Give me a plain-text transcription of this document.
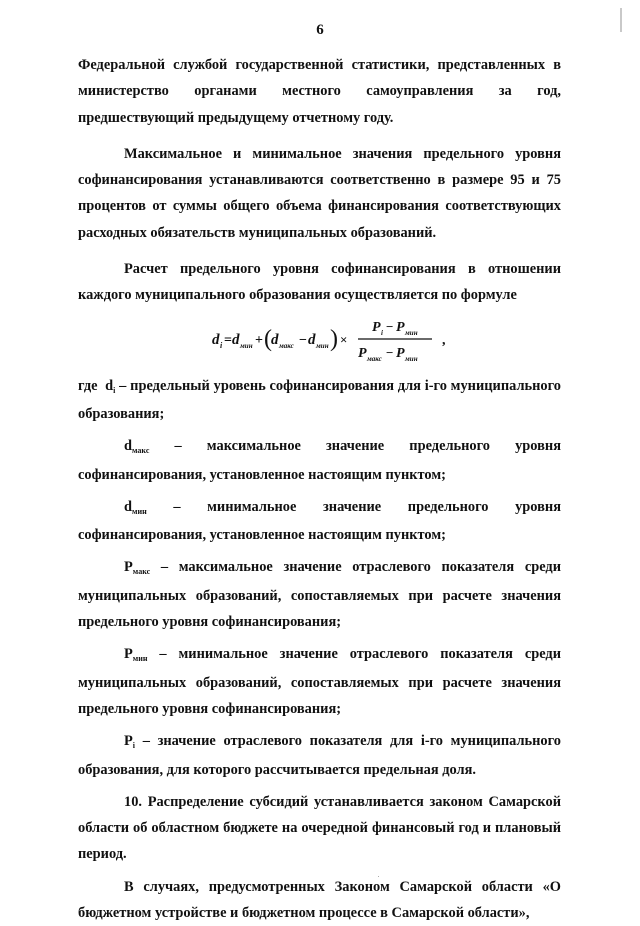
6

Федеральной службой государственной статистики, представленных в министерство органами местного самоуправления за год, предшествующий предыдущему отчетному году.

Максимальное и минимальное значения предельного уровня софинансирования устанавливаются соответственно в размере 95 и 75 процентов от суммы общего объема финансирования соответствующих расходных обязательств муниципальных образований.

Расчет предельного уровня софинансирования в отношении каждого муниципального образования осуществляется по формуле

d i = d мин + ( d макс − d мин ) ×
P i − P мин
P макс − P мин
,

где $d_i$ – предельный уровень софинансирования для i-го муниципального образования;

$d_{макс}$ – максимальное значение предельного уровня софинансирования, установленное настоящим пунктом;

$d_{мин}$ – минимальное значение предельного уровня софинансирования, установленное настоящим пунктом;

$P_{макс}$ – максимальное значение отраслевого показателя среди муниципальных образований, сопоставляемых при расчете значения предельного уровня софинансирования;

$P_{мин}$ – минимальное значение отраслевого показателя среди муниципальных образований, сопоставляемых при расчете значения предельного уровня софинансирования;

$P_i$ – значение отраслевого показателя для i-го муниципального образования, для которого рассчитывается предельная доля.

10. Распределение субсидий устанавливается законом Самарской области об областном бюджете на очередной финансовый год и плановый период.

В случаях, предусмотренных Законом Самарской области «О бюджетном устройстве и бюджетном процессе в Самарской области»,
